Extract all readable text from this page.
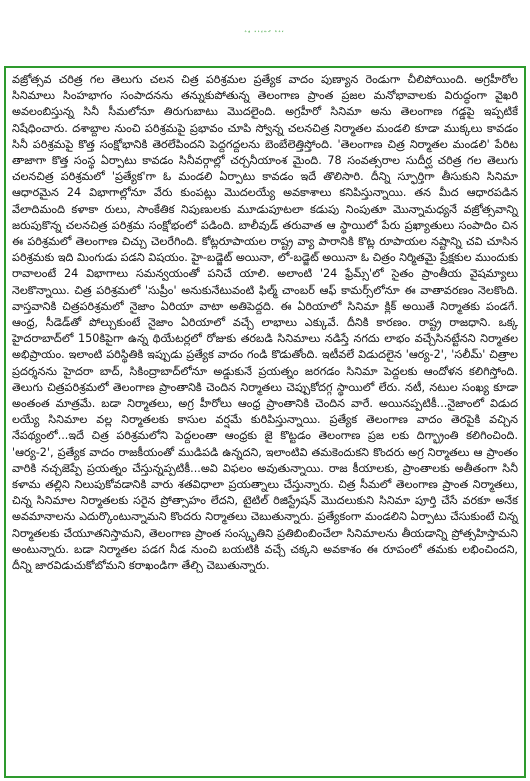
చిత్ర పరిశ్రమలో చీలిక

వజ్రోత్సవ చరిత్ర గల తెలుగు చలన చిత్ర పరిశ్రమల ప్రత్యేక వాదం పుణ్యాన రెండుగా చీలిపోయింది. అగ్రహీరోల సినిమాలు సింహభాగం సంపాదనను తన్నుకుపోతున్న తెలంగాణ ప్రాంత ప్రజల మనోభావాలకు విరుద్ధంగా వైఖరి అవలంబిస్తున్న సినీ సీమలోనూ తిరుగుబాటు మొదలైంది. అగ్రహీరో సినిమా అను తెలంగాణ గడ్డపై ఇప్పటికే నిషేధించారు. దశాబ్దాల నుంచి పరిశ్రమపై ప్రభావం చూపి స్వోన్న చలనచిత్ర నిర్మాతల మండలి కూడా ముక్కలు కావడం సినీ పరిశ్రమపై కొత్త సంక్షోభానికి తెరలేపిందని పెద్దగద్దలను బెంబేలెత్తిస్తోంది. 'తెలంగాణ చిత్ర నిర్మాతల మండలి' పేరిట తాజాగా కొత్త సంస్థ ఏర్పాటు కావడం సినీవర్గాల్లో చర్చనీయాంశ మైంది. 78 సంవత్సరాల సుదీర్ఘ చరిత్ర గల తెలుగు చలనచిత్ర పరిశ్రమలో 'ప్రత్యేక'గా ఓ మండలి ఏర్పాటు కావడం ఇదే తొలిసారి. దీన్ని స్ఫూర్తిగా తీసుకుని సినిమా ఆధారమైన 24 విభాగాల్లోనూ వేరు కుంపట్లు మొదలయ్యే అవకాశాలు కనిపిస్తున్నాయి. తన మీద ఆధారపడిన వేలాదిమంది కళాకా రులు, సాంకేతిక నిపుణులకు మూడుపూటలా కడుపు నింపుతూ మొన్నామధ్యనే వజ్రోత్సవాన్ని జరుపుకొన్న చలనచిత్ర పరిశ్రమ సంక్షోభంలో పడింది. బాలీవుడ్ తరువాత ఆ స్థాయిలో పేరు ప్రఖ్యాతులు సంపాదిం చిన ఈ పరిశ్రమలో తెలంగాణ చిచ్చు చెలరేగింది. కోట్లరూపాయల రాష్ట్ర వ్యా పారానికి కొట్ల రూపాయల నష్టాన్ని చవి చూసిన పరిశ్రమకు ఇది మింగుడు పడని విషయం. హై-బడ్జెట్ అయినా, లో-బడ్జెట్ అయినా ఓ చిత్రం నిర్మితమై ప్రేక్షకుల ముందుకు రావాలంటే 24 విభాగాలు సమన్వయంతో పనిచే యాలి. అలాంటి '24 ఫ్రేమ్స్'లో సైతం ప్రాంతీయ వైషమ్యాలు నెలకొన్నాయి. చిత్ర పరిశ్రమలో 'సుప్రీం' అనుకునేటువంటి ఫిల్మ్ చాంబర్ ఆఫ్ కామర్స్‌లోనూ ఈ వాతావరణం నెలకొంది. వాస్తవానికి చిత్రపరిశ్రమలో నైజాం ఏరియా వాటా అతిపెద్దది. ఈ ఏరియాలో సినిమా క్లిక్ అయితే నిర్మాతకు పండగే. ఆంధ్ర, సీడెడ్‌తో పోల్చుకుంటే నైజాం ఏరియాలో వచ్చే లాభాలు ఎక్కువే. దీనికి కారణం. రాష్ట్ర రాజధాని. ఒక్క హైదరాబాద్‌లో 150కిపైగా ఉన్న థియేటర్లలో రోజుకు తరబడి సినిమాలు నడిస్తే నగదు లాభం వచ్చేసినట్టేనని నిర్మాతల అభిప్రాయం. ఇలాంటి పరిస్థితికి ఇప్పుడు ప్రత్యేక వాదం గండి కొడుతోంది. ఇటీవలే విడుదలైన 'ఆర్య-2', 'సలీమ్' చిత్రాల ప్రదర్శనను హైదరా బాద్, సికింద్రాబాద్‌లోనూ అడ్డుకునే ప్రయత్నం జరగడం సినిమా పెద్దలకు ఆందోళన కలిగిస్తోంది. తెలుగు చిత్రపరిశ్రమలో తెలంగాణ ప్రాంతానికి చెందిన నిర్మాతలు చెప్పుకోదగ్గ స్థాయిలో లేరు. నటీ, నటుల సంఖ్య కూడా అంతంత మాత్రమే. బడా నిర్మాతలు, అగ్ర హీరోలు ఆంధ్ర ప్రాంతానికి చెందిన వారే. అయినప్పటికీ...నైజాంలో విడుద లయ్యే సినిమాల వల్ల నిర్మాతలకు కాసుల వర్షమే కురిపిస్తున్నాయి. ప్రత్యేక తెలంగాణ వాదం తెరపైకి వచ్చిన నేపథ్యంలో...ఇదే చిత్ర పరిశ్రమలోని పెద్దలంతా ఆంధ్రకు జై కొట్టడం తెలంగాణ ప్రజ లకు దిగ్భ్రాంతి కలిగించింది. 'ఆర్య-2', ప్రత్యేక వాదం రాజకీయంతో ముడిపడి ఉన్నదని, ఇలాంటివి తమకెందుకని కొందరు అగ్ర నిర్మాతలు ఆ ప్రాంతం వారికి నచ్చజెప్పే ప్రయత్నం చేస్తున్నప్పటికీ...అవి విఫలం అవుతున్నాయి. రాజ కీయాలకు, ప్రాంతాలకు అతీతంగా సినీ కళామ తల్లిని నిలుపుకోవడానికి వారు శతవిధాలా ప్రయత్నాలు చేస్తున్నారు. చిత్ర సీమలో తెలంగాణ ప్రాంత నిర్మాతలు, చిన్న సినిమాల నిర్మాతలకు సరైన ప్రోత్సాహం లేదని, టైటిల్ రిజిస్ట్రేషన్ మొదలుకుని సినిమా పూర్తి చేసే వరకూ అనేక అవమానాలను ఎదుర్కొంటున్నామని కొందరు నిర్మాతలు చెబుతున్నారు. ప్రత్యేకంగా మండలిని ఏర్పాటు చేసుకుంటే చిన్న నిర్మాతలకు చేయూతనిస్తామని, తెలంగాణ ప్రాంత సంస్కృతిని ప్రతిబింబించేలా సినిమాలను తీయడాన్ని ప్రోత్సహిస్తామని అంటున్నారు. బడా నిర్మాతల పడగ నీడ నుంచి బయటికి వచ్చే చక్కని అవకాశం ఈ రూపంలో తమకు లభించిందని, దీన్ని జారవిడుచుకోబోమని కరాఖండిగా తేల్చి చెబుతున్నారు.
